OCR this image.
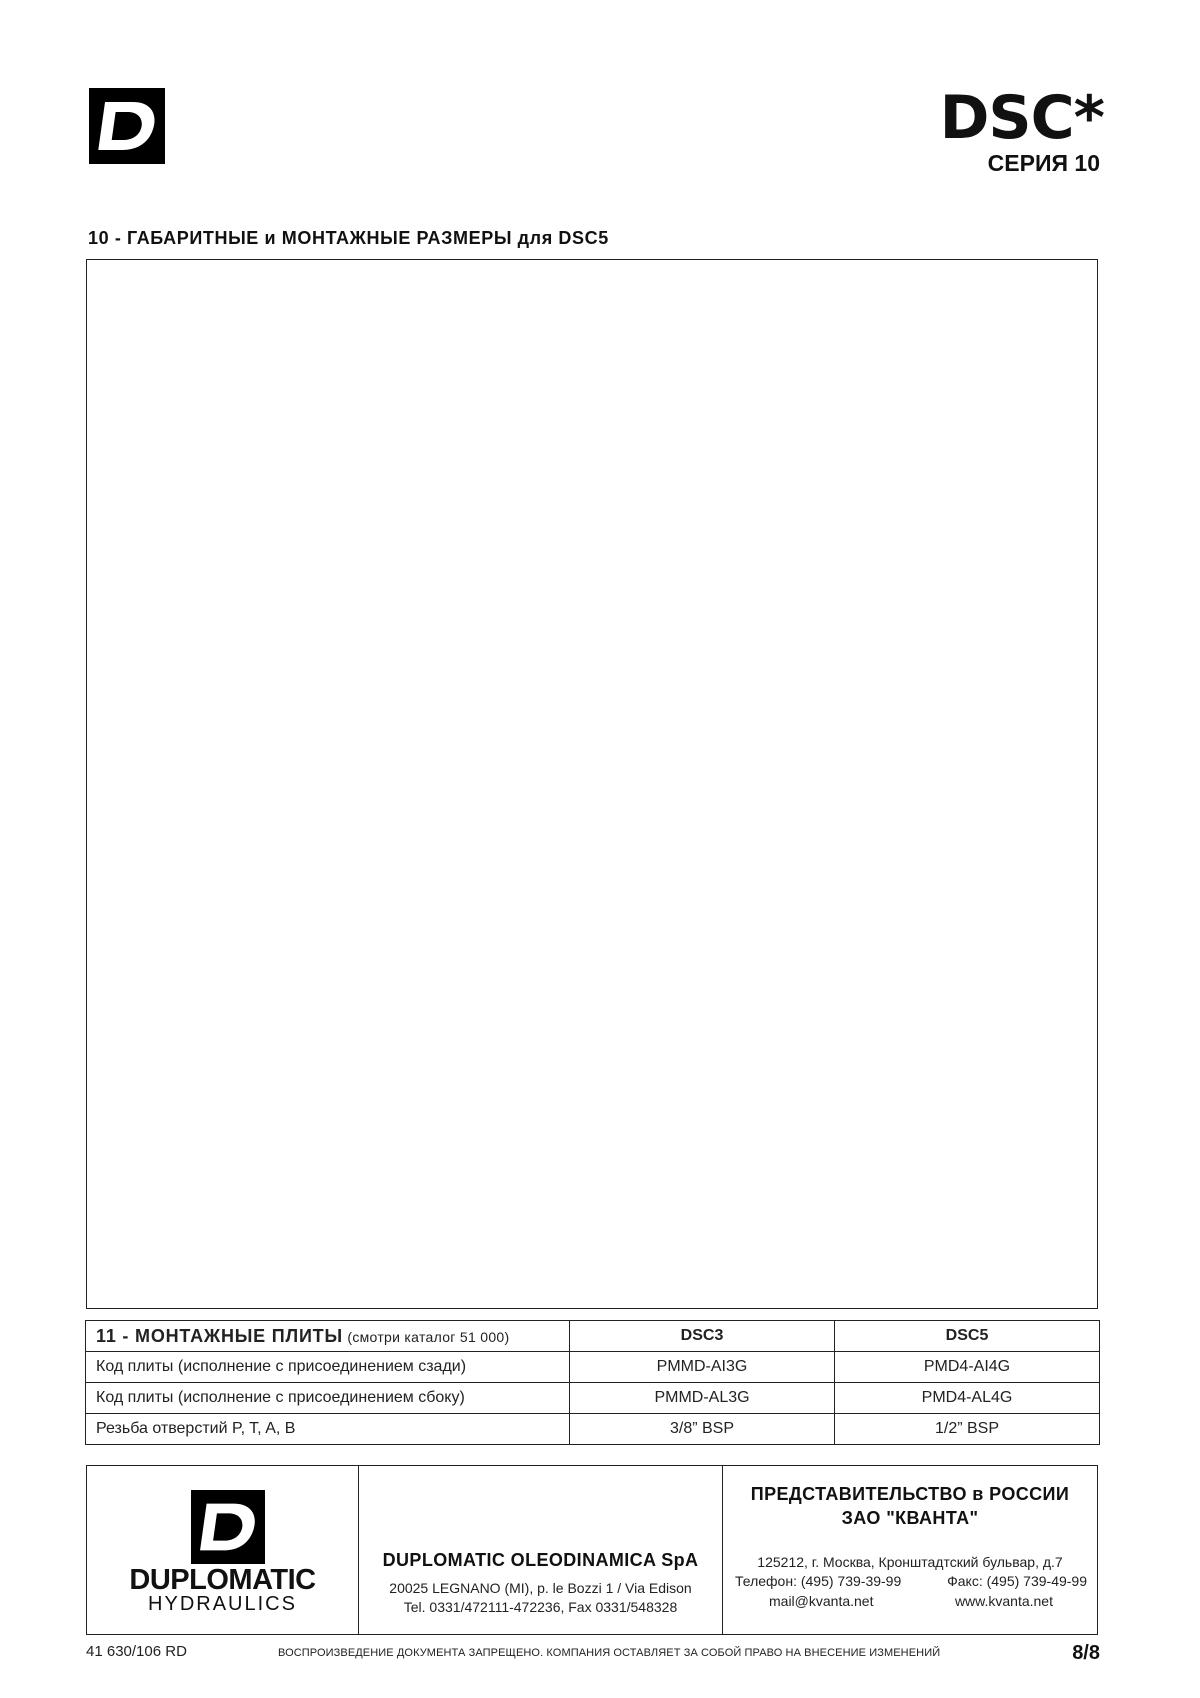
DSC*
СЕРИЯ 10
10 - ГАБАРИТНЫЕ и МОНТАЖНЫЕ РАЗМЕРЫ для DSC5
11 - МОНТАЖНЫЕ ПЛИТЫ (смотри каталог 51 000)	DSC3	DSC5
Код плиты (исполнение с присоединением сзади)	PMMD-AI3G	PMD4-AI4G
Код плиты (исполнение с присоединением сбоку)	PMMD-AL3G	PMD4-AL4G
Резьба отверстий P, T, A, B	3/8” BSP	1/2” BSP
DUPLOMATIC
HYDRAULICS
DUPLOMATIC OLEODINAMICA SpA
20025 LEGNANO (MI), p. le Bozzi 1 / Via Edison
Tel. 0331/472111-472236, Fax 0331/548328
ПРЕДСТАВИТЕЛЬСТВО в РОССИИ
ЗАО "КВАНТА"
125212, г. Москва, Кронштадтский бульвар, д.7
Телефон: (495) 739-39-99	Факс: (495) 739-49-99
mail@kvanta.net	www.kvanta.net
41 630/106 RD	ВОСПРОИЗВЕДЕНИЕ ДОКУМЕНТА ЗАПРЕЩЕНО. КОМПАНИЯ ОСТАВЛЯЕТ ЗА СОБОЙ ПРАВО НА ВНЕСЕНИЕ ИЗМЕНЕНИЙ	8/8
